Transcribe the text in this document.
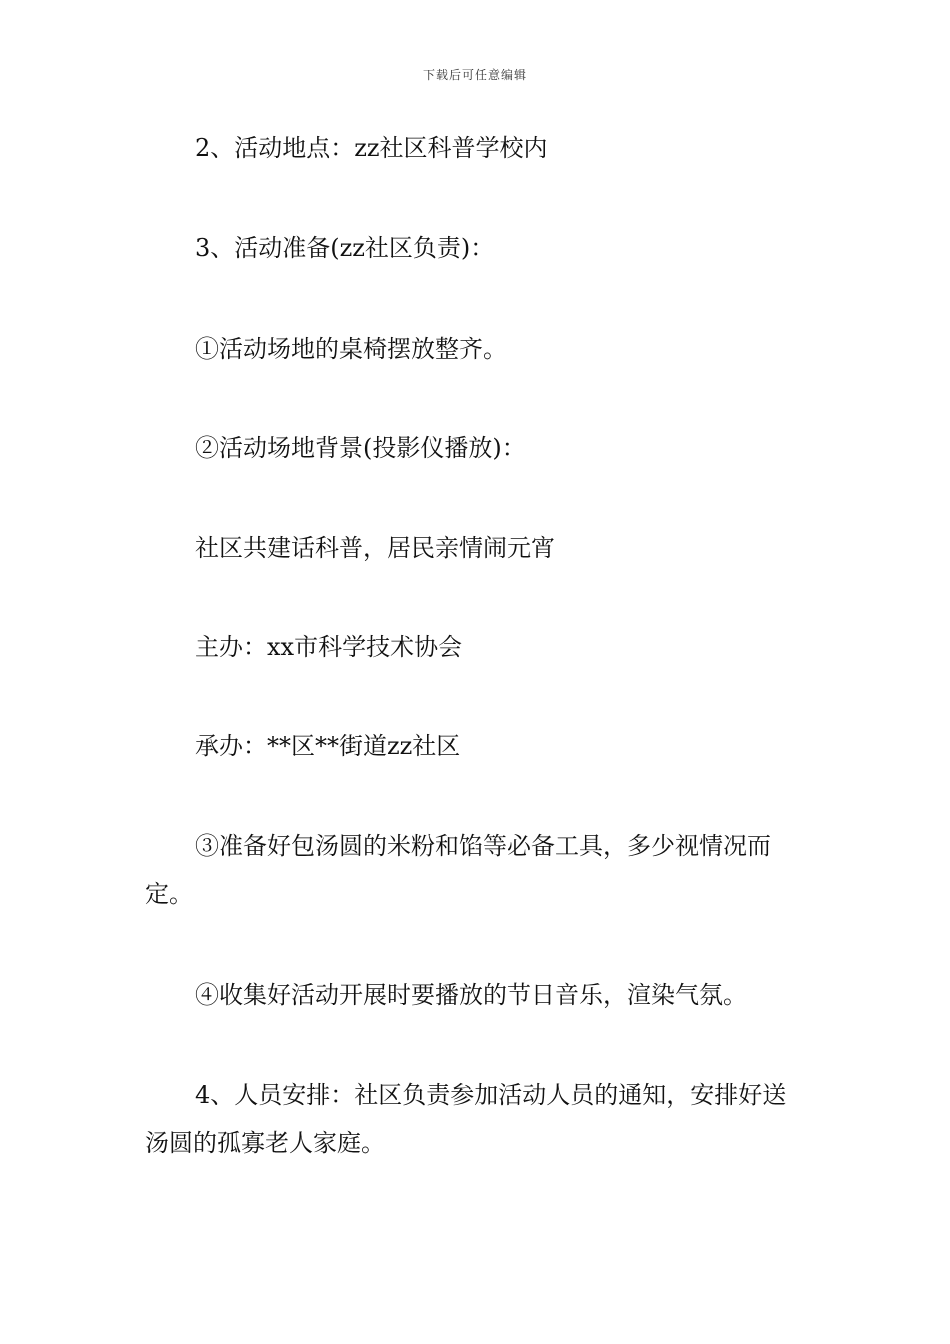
下载后可任意编辑

2、活动地点：zz社区科普学校内

3、活动准备(zz社区负责)：

①活动场地的桌椅摆放整齐。

②活动场地背景(投影仪播放)：

社区共建话科普，居民亲情闹元宵

主办：xx市科学技术协会

承办：**区**街道zz社区

③准备好包汤圆的米粉和馅等必备工具，多少视情况而定。

④收集好活动开展时要播放的节日音乐，渲染气氛。

4、人员安排：社区负责参加活动人员的通知，安排好送汤圆的孤寡老人家庭。
